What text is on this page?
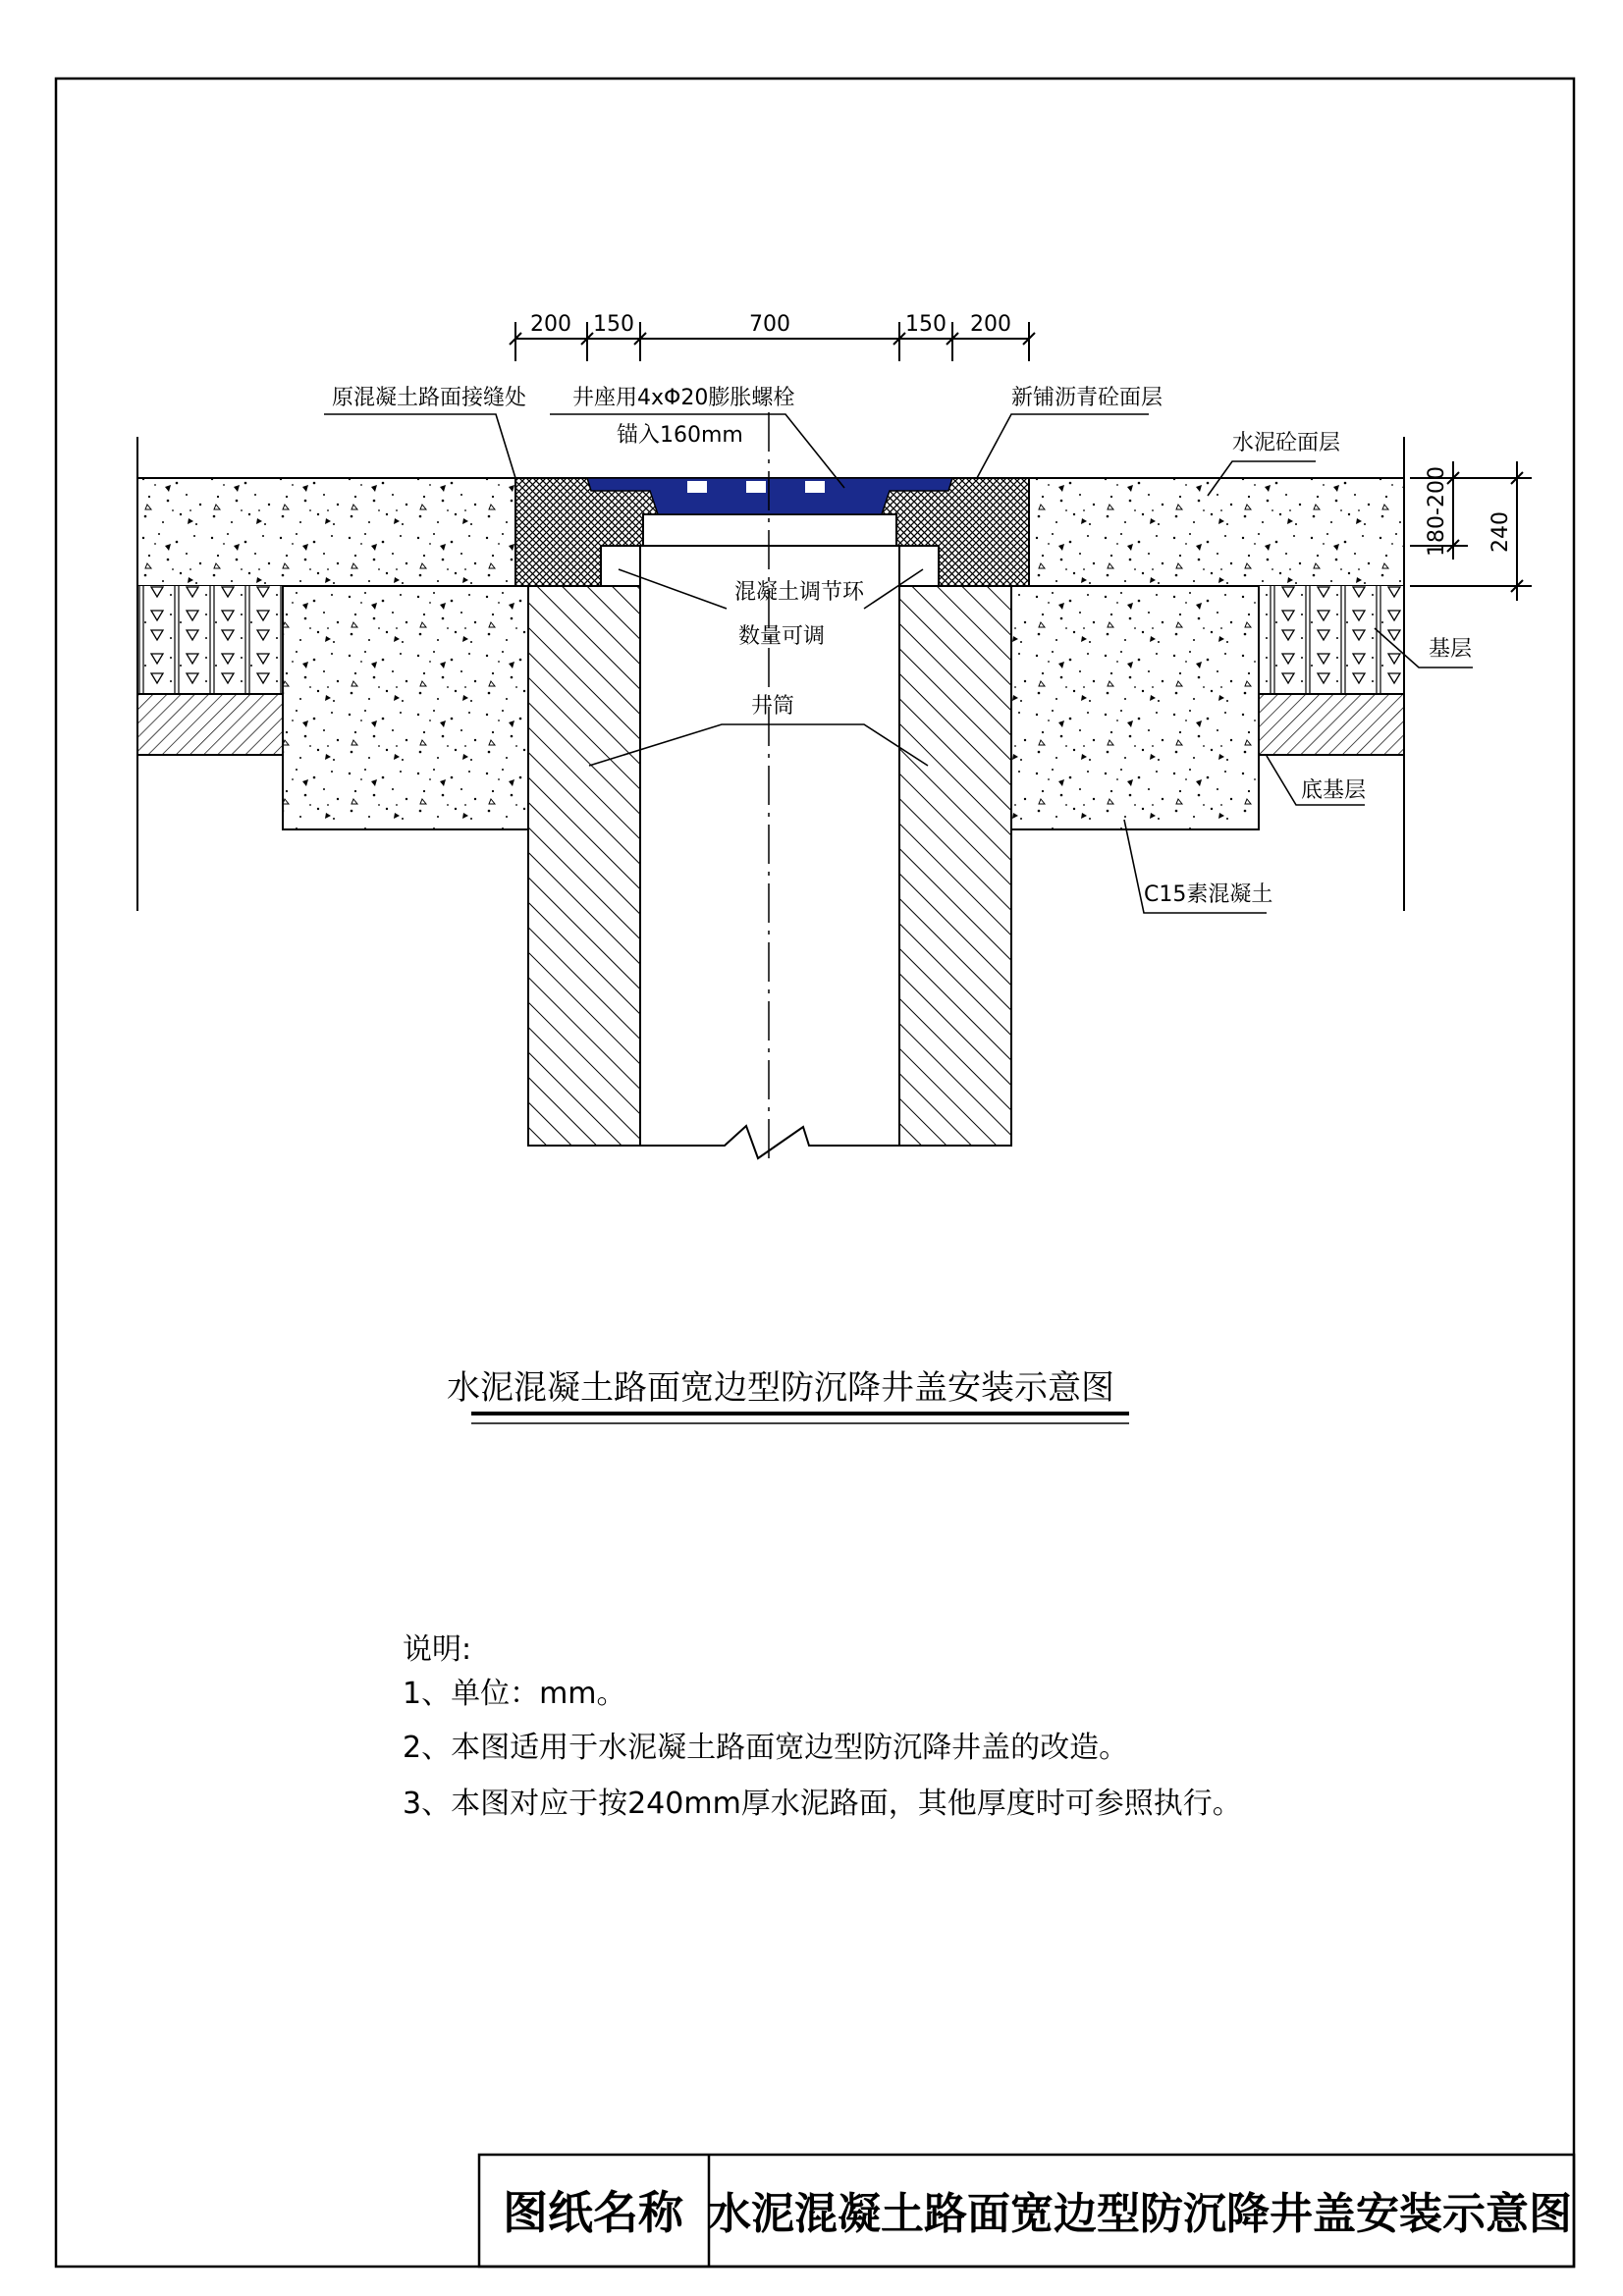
200 150	700	150 200
180-200 240
原混凝土路面接缝处 井座用4xΦ20膨胀螺栓
锚入160mm
新铺沥青砼面层
水泥砼面层
混凝土调节环
数量可调
井筒
基层
底基层
C15素混凝土
水泥混凝土路面宽边型防沉降井盖安装示意图
说明:
1、单位：mm。
2、本图适用于水泥凝土路面宽边型防沉降井盖的改造。
3、本图对应于按240mm厚水泥路面，其他厚度时可参照执行。
图纸名称 水泥混凝土路面宽边型防沉降井盖安装示意图
